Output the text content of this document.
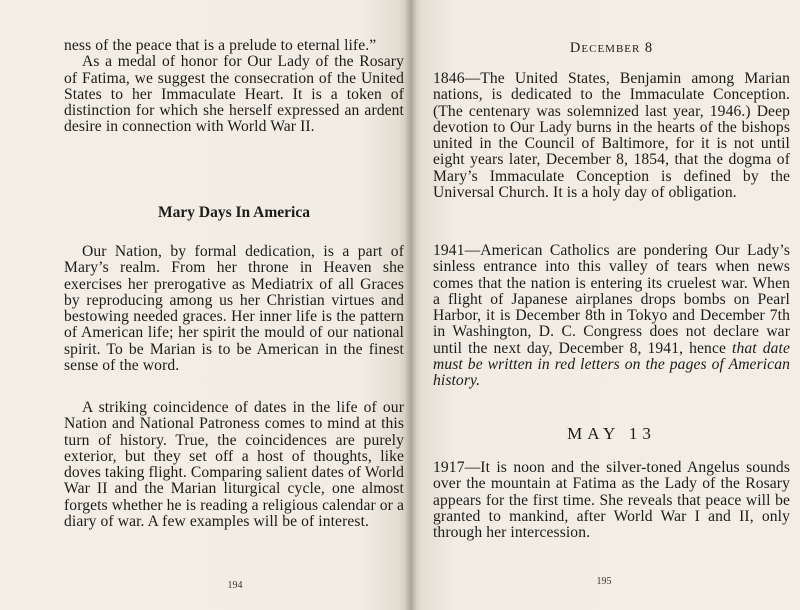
ness of the peace that is a prelude to eternal life.”

As a medal of honor for Our Lady of the Rosary of Fatima, we suggest the consecration of the United States to her Immaculate Heart. It is a token of distinction for which she herself expressed an ardent desire in connection with World War II.

Mary Days In America

Our Nation, by formal dedication, is a part of Mary’s realm. From her throne in Heaven she exercises her prerogative as Mediatrix of all Graces by reproducing among us her Christian virtues and bestowing needed graces. Her inner life is the pattern of American life; her spirit the mould of our national spirit. To be Marian is to be American in the finest sense of the word.

A striking coincidence of dates in the life of our Nation and National Patroness comes to mind at this turn of history. True, the coincidences are purely exterior, but they set off a host of thoughts, like doves taking flight. Comparing salient dates of World War II and the Marian liturgical cycle, one almost forgets whether he is reading a religious calendar or a diary of war. A few examples will be of interest.

194

DECEMBER 8

1846—The United States, Benjamin among Marian nations, is dedicated to the Immaculate Conception. (The centenary was solemnized last year, 1946.) Deep devotion to Our Lady burns in the hearts of the bishops united in the Council of Baltimore, for it is not until eight years later, December 8, 1854, that the dogma of Mary’s Immaculate Conception is defined by the Universal Church. It is a holy day of obligation.

1941—American Catholics are pondering Our Lady’s sinless entrance into this valley of tears when news comes that the nation is entering its cruelest war. When a flight of Japanese airplanes drops bombs on Pearl Harbor, it is December 8th in Tokyo and December 7th in Washington, D. C. Congress does not declare war until the next day, December 8, 1941, hence that date must be written in red letters on the pages of American history.

MAY 13

1917—It is noon and the silver-toned Angelus sounds over the mountain at Fatima as the Lady of the Rosary appears for the first time. She reveals that peace will be granted to mankind, after World War I and II, only through her intercession.

195
